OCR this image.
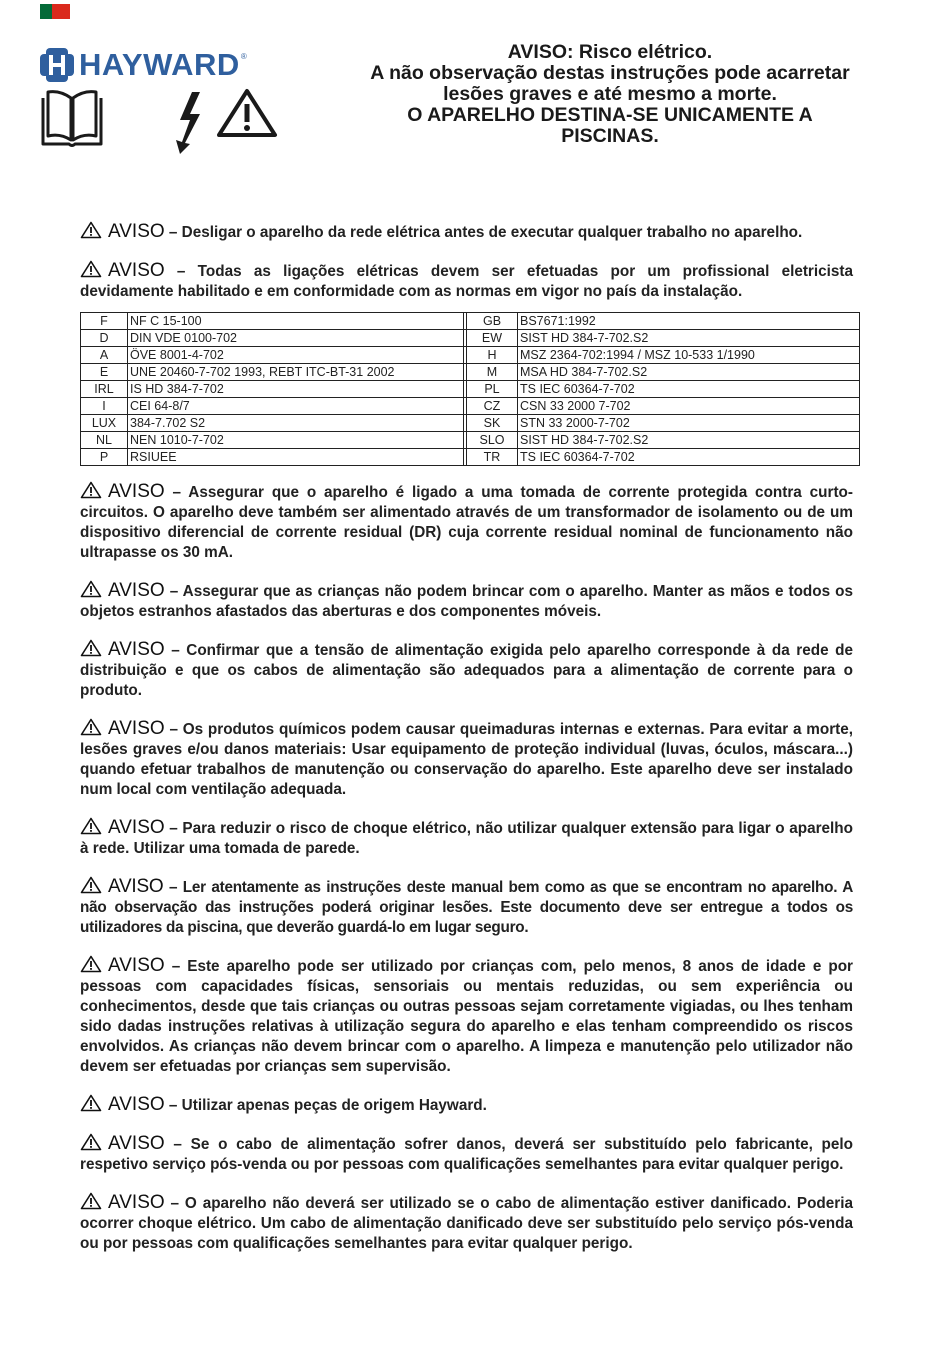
HAYWARD ®	AVISO: Risco elétrico.
A não observação destas instruções pode acarretar
lesões graves e até mesmo a morte.
O APARELHO DESTINA-SE UNICAMENTE A
PISCINAS.

AVISO – Desligar o aparelho da rede elétrica antes de executar qualquer trabalho no aparelho.

AVISO – Todas as ligações elétricas devem ser efetuadas por um profissional eletricista devidamente habilitado e em conformidade com as normas em vigor no país da instalação.

F	NF C 15-100		GB	BS7671:1992
D	DIN VDE 0100-702		EW	SIST HD 384-7-702.S2
A	ÖVE 8001-4-702		H	MSZ 2364-702:1994 / MSZ 10-533 1/1990
E	UNE 20460-7-702 1993, REBT ITC-BT-31 2002		M	MSA HD 384-7-702.S2
IRL	IS HD 384-7-702		PL	TS IEC 60364-7-702
I	CEI 64-8/7		CZ	CSN 33 2000 7-702
LUX	384-7.702 S2		SK	STN 33 2000-7-702
NL	NEN 1010-7-702		SLO	SIST HD 384-7-702.S2
P	RSIUEE		TR	TS IEC 60364-7-702

AVISO – Assegurar que o aparelho é ligado a uma tomada de corrente protegida contra curto-circuitos. O aparelho deve também ser alimentado através de um transformador de isolamento ou de um dispositivo diferencial de corrente residual (DR) cuja corrente residual nominal de funcionamento não ultrapasse os 30 mA.

AVISO – Assegurar que as crianças não podem brincar com o aparelho. Manter as mãos e todos os objetos estranhos afastados das aberturas e dos componentes móveis.

AVISO – Confirmar que a tensão de alimentação exigida pelo aparelho corresponde à da rede de distribuição e que os cabos de alimentação são adequados para a alimentação de corrente para o produto.

AVISO – Os produtos químicos podem causar queimaduras internas e externas. Para evitar a morte, lesões graves e/ou danos materiais: Usar equipamento de proteção individual (luvas, óculos, máscara...) quando efetuar trabalhos de manutenção ou conservação do aparelho. Este aparelho deve ser instalado num local com ventilação adequada.

AVISO – Para reduzir o risco de choque elétrico, não utilizar qualquer extensão para ligar o aparelho à rede. Utilizar uma tomada de parede.

AVISO – Ler atentamente as instruções deste manual bem como as que se encontram no aparelho. A não observação das instruções poderá originar lesões. Este documento deve ser entregue a todos os utilizadores da piscina, que deverão guardá-lo em lugar seguro.

AVISO – Este aparelho pode ser utilizado por crianças com, pelo menos, 8 anos de idade e por pessoas com capacidades físicas, sensoriais ou mentais reduzidas, ou sem experiência ou conhecimentos, desde que tais crianças ou outras pessoas sejam corretamente vigiadas, ou lhes tenham sido dadas instruções relativas à utilização segura do aparelho e elas tenham compreendido os riscos envolvidos. As crianças não devem brincar com o aparelho. A limpeza e manutenção pelo utilizador não devem ser efetuadas por crianças sem supervisão.

AVISO – Utilizar apenas peças de origem Hayward.

AVISO – Se o cabo de alimentação sofrer danos, deverá ser substituído pelo fabricante, pelo respetivo serviço pós-venda ou por pessoas com qualificações semelhantes para evitar qualquer perigo.

AVISO – O aparelho não deverá ser utilizado se o cabo de alimentação estiver danificado. Poderia ocorrer choque elétrico. Um cabo de alimentação danificado deve ser substituído pelo serviço pós-venda ou por pessoas com qualificações semelhantes para evitar qualquer perigo.
